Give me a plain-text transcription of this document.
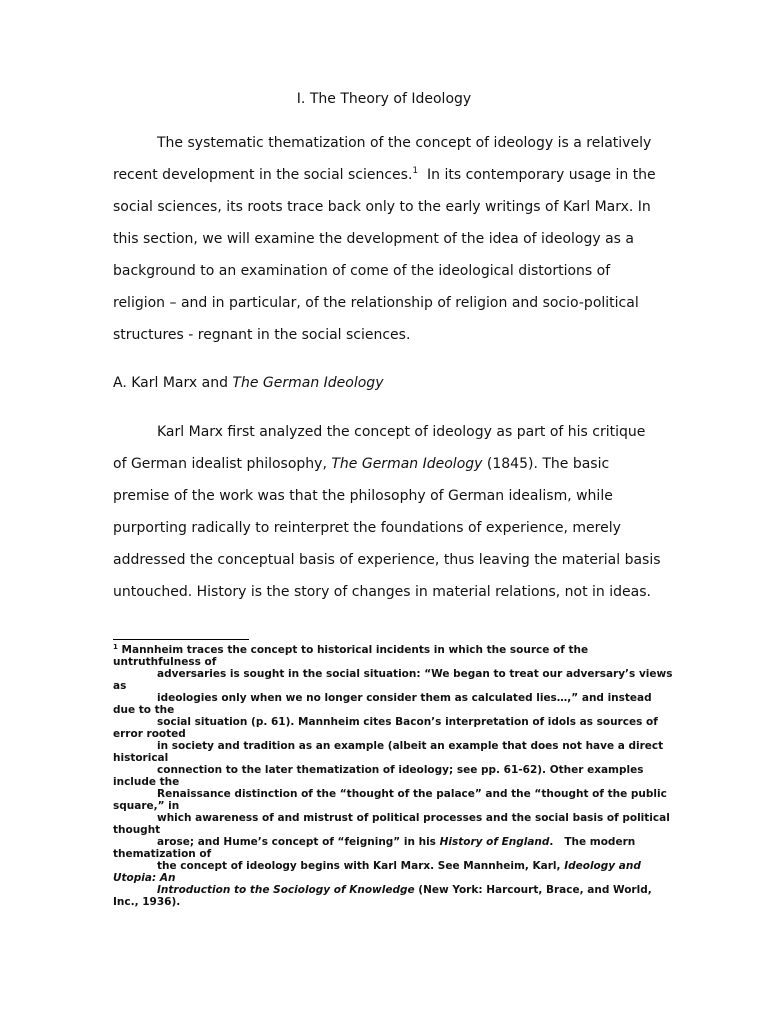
I. The Theory of Ideology
The systematic thematization of the concept of ideology is a relatively
recent development in the social sciences.$^1$  In its contemporary usage in the
social sciences, its roots trace back only to the early writings of Karl Marx. In
this section, we will examine the development of the idea of ideology as a
background to an examination of come of the ideological distortions of
religion – and in particular, of the relationship of religion and socio-political
structures - regnant in the social sciences.
A. Karl Marx and The German Ideology
Karl Marx first analyzed the concept of ideology as part of his critique
of German idealist philosophy, The German Ideology (1845). The basic
premise of the work was that the philosophy of German idealism, while
purporting radically to reinterpret the foundations of experience, merely
addressed the conceptual basis of experience, thus leaving the material basis
untouched. History is the story of changes in material relations, not in ideas.
$^1$ Mannheim traces the concept to historical incidents in which the source of the
untruthfulness of
adversaries is sought in the social situation: “We began to treat our adversary’s views
as
ideologies only when we no longer consider them as calculated lies…,” and instead
due to the
social situation (p. 61). Mannheim cites Bacon’s interpretation of idols as sources of
error rooted
in society and tradition as an example (albeit an example that does not have a direct
historical
connection to the later thematization of ideology; see pp. 61-62). Other examples
include the
Renaissance distinction of the “thought of the palace” and the “thought of the public
square,” in
which awareness of and mistrust of political processes and the social basis of political
thought
arose; and Hume’s concept of “feigning” in his History of England.   The modern
thematization of
the concept of ideology begins with Karl Marx. See Mannheim, Karl, Ideology and
Utopia: An
Introduction to the Sociology of Knowledge (New York: Harcourt, Brace, and World,
Inc., 1936).
